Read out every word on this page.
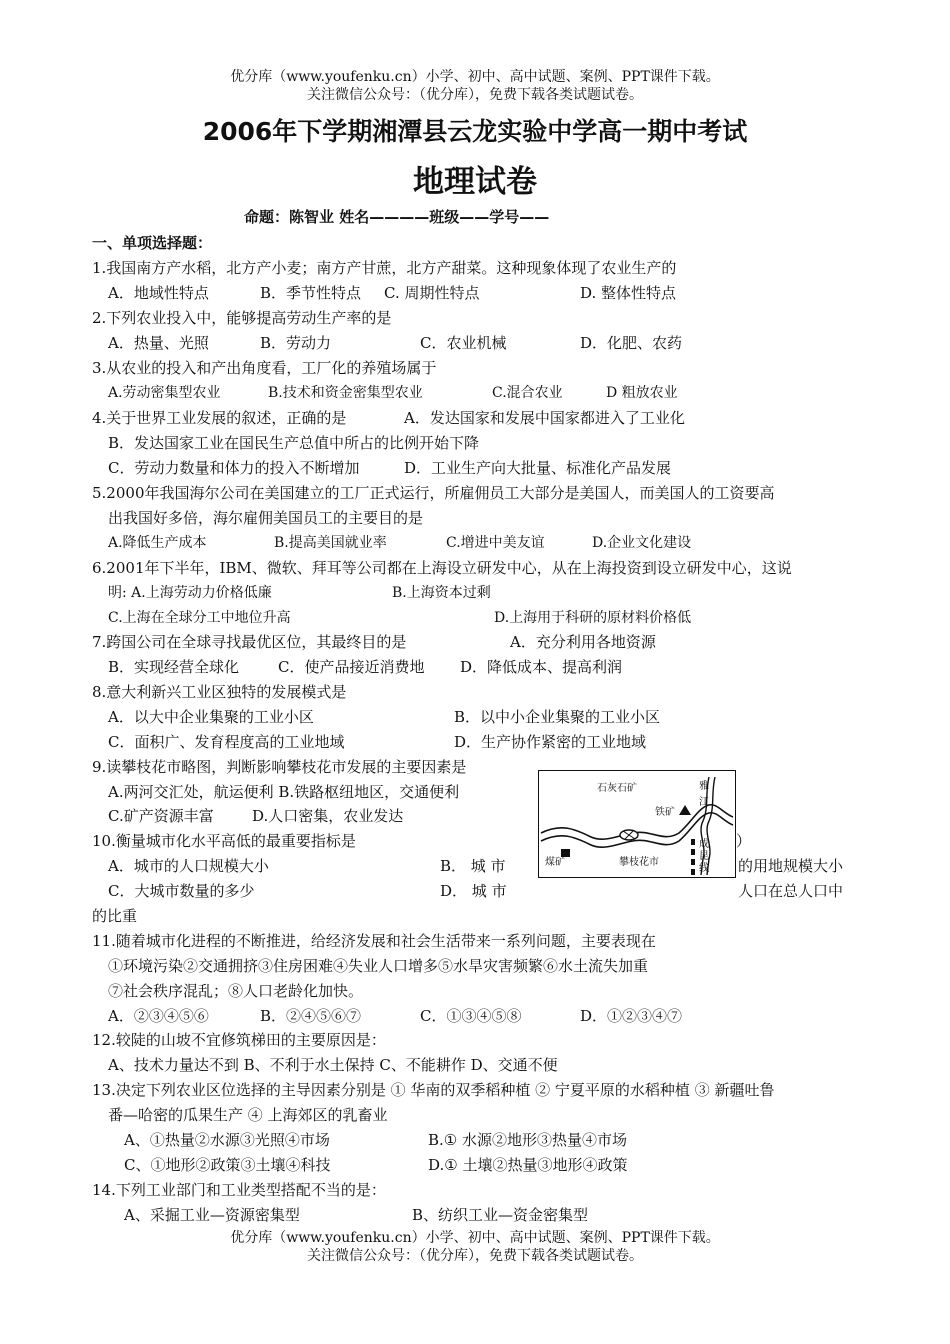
优分库（www.youfenku.cn）小学、初中、高中试题、案例、PPT课件下载。
关注微信公众号：（优分库），免费下载各类试题试卷。
2006年下学期湘潭县云龙实验中学高一期中考试
地理试卷
命题：陈智业 姓名————班级——学号——
一、单项选择题：
1.我国南方产水稻，北方产小麦；南方产甘蔗，北方产甜菜。这种现象体现了农业生产的
A．地域性特点	B．季节性特点 C. 周期性特点	D. 整体性特点
2.下列农业投入中，能够提高劳动生产率的是
A．热量、光照	B．劳动力	C．农业机械	D．化肥、农药
3.从农业的投入和产出角度看，工厂化的养殖场属于
A.劳动密集型农业	B.技术和资金密集型农业	C.混合农业	D 粗放农业
4.关于世界工业发展的叙述，正确的是	A．发达国家和发展中国家都进入了工业化
B．发达国家工业在国民生产总值中所占的比例开始下降
C．劳动力数量和体力的投入不断增加	D．工业生产向大批量、标准化产品发展
5.2000年我国海尔公司在美国建立的工厂正式运行，所雇佣员工大部分是美国人，而美国人的工资要高
出我国好多倍，海尔雇佣美国员工的主要目的是
A.降低生产成本	B.提高美国就业率	C.增进中美友谊	D.企业文化建设
6.2001年下半年，IBM、微软、拜耳等公司都在上海设立研发中心，从在上海投资到设立研发中心，这说
明: A.上海劳动力价格低廉	B.上海资本过剩
C.上海在全球分工中地位升高	D.上海用于科研的原材料价格低
7.跨国公司在全球寻找最优区位，其最终目的是	A．充分利用各地资源
B．实现经营全球化	C．使产品接近消费地 D．降低成本、提高利润
8.意大利新兴工业区独特的发展模式是
A．以大中企业集聚的工业小区	B．以中小企业集聚的工业小区
C．面积广、发育程度高的工业地域	D．生产协作紧密的工业地域
9.读攀枝花市略图，判断影响攀枝花市发展的主要因素是
A.两河交汇处，航运便利 B.铁路枢纽地区，交通便利
C.矿产资源丰富	D.人口密集，农业发达
石灰石矿
铁矿
煤矿	攀枝花市
雅
江
成
昆
线
10.衡量城市化水平高低的最重要指标是	）
A．城市的人口规模大小	B． 城 市	的用地规模大小
C．大城市数量的多少	D． 城 市	人口在总人口中
的比重
11.随着城市化进程的不断推进，给经济发展和社会生活带来一系列问题，主要表现在
①环境污染②交通拥挤③住房困难④失业人口增多⑤水旱灾害频繁⑥水土流失加重
⑦社会秩序混乱；⑧人口老龄化加快。
A．②③④⑤⑥	B．②④⑤⑥⑦	C．①③④⑤⑧	D．①②③④⑦
12.较陡的山坡不宜修筑梯田的主要原因是：
A、技术力量达不到 B、不利于水土保持 C、不能耕作 D、交通不便
13.决定下列农业区位选择的主导因素分别是 ① 华南的双季稻种植 ② 宁夏平原的水稻种植 ③ 新疆吐鲁
番—哈密的瓜果生产 ④ 上海郊区的乳畜业
A、①热量②水源③光照④市场	B.① 水源②地形③热量④市场
C、①地形②政策③土壤④科技	D.① 土壤②热量③地形④政策
14.下列工业部门和工业类型搭配不当的是：
A、采掘工业—资源密集型	B、纺织工业—资金密集型
优分库（www.youfenku.cn）小学、初中、高中试题、案例、PPT课件下载。
关注微信公众号：（优分库），免费下载各类试题试卷。
